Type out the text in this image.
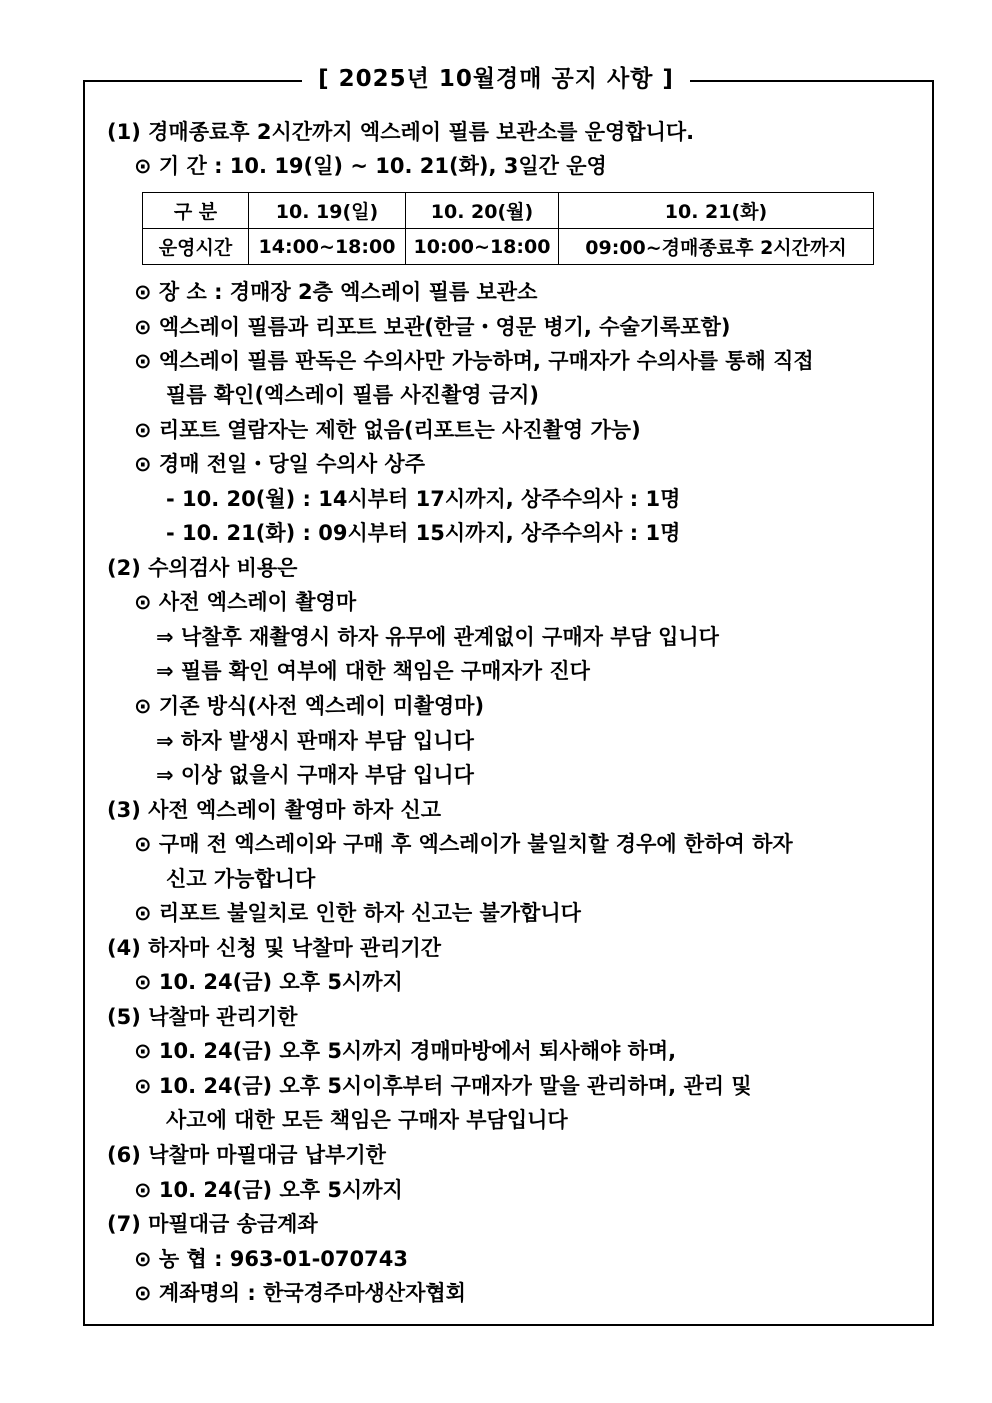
[ 2025년 10월경매 공지 사항 ]
(1) 경매종료후 2시간까지 엑스레이 필름 보관소를 운영합니다.
⊙ 기 간 : 10. 19(일) ~ 10. 21(화), 3일간 운영
구 분	10. 19(일)	10. 20(월)	10. 21(화)
운영시간	14:00~18:00	10:00~18:00	09:00~경매종료후 2시간까지
⊙ 장 소 : 경매장 2층 엑스레이 필름 보관소
⊙ 엑스레이 필름과 리포트 보관(한글・영문 병기, 수술기록포함)
⊙ 엑스레이 필름 판독은 수의사만 가능하며, 구매자가 수의사를 통해 직접
필름 확인(엑스레이 필름 사진촬영 금지)
⊙ 리포트 열람자는 제한 없음(리포트는 사진촬영 가능)
⊙ 경매 전일・당일 수의사 상주
- 10. 20(월) : 14시부터 17시까지, 상주수의사 : 1명
- 10. 21(화) : 09시부터 15시까지, 상주수의사 : 1명
(2) 수의검사 비용은
⊙ 사전 엑스레이 촬영마
⇒ 낙찰후 재촬영시 하자 유무에 관계없이 구매자 부담 입니다
⇒ 필름 확인 여부에 대한 책임은 구매자가 진다
⊙ 기존 방식(사전 엑스레이 미촬영마)
⇒ 하자 발생시 판매자 부담 입니다
⇒ 이상 없을시 구매자 부담 입니다
(3) 사전 엑스레이 촬영마 하자 신고
⊙ 구매 전 엑스레이와 구매 후 엑스레이가 불일치할 경우에 한하여 하자
신고 가능합니다
⊙ 리포트 불일치로 인한 하자 신고는 불가합니다
(4) 하자마 신청 및 낙찰마 관리기간
⊙ 10. 24(금) 오후 5시까지
(5) 낙찰마 관리기한
⊙ 10. 24(금) 오후 5시까지 경매마방에서 퇴사해야 하며,
⊙ 10. 24(금) 오후 5시이후부터 구매자가 말을 관리하며, 관리 및
사고에 대한 모든 책임은 구매자 부담입니다
(6) 낙찰마 마필대금 납부기한
⊙ 10. 24(금) 오후 5시까지
(7) 마필대금 송금계좌
⊙ 농 협 : 963-01-070743
⊙ 계좌명의 : 한국경주마생산자협회
